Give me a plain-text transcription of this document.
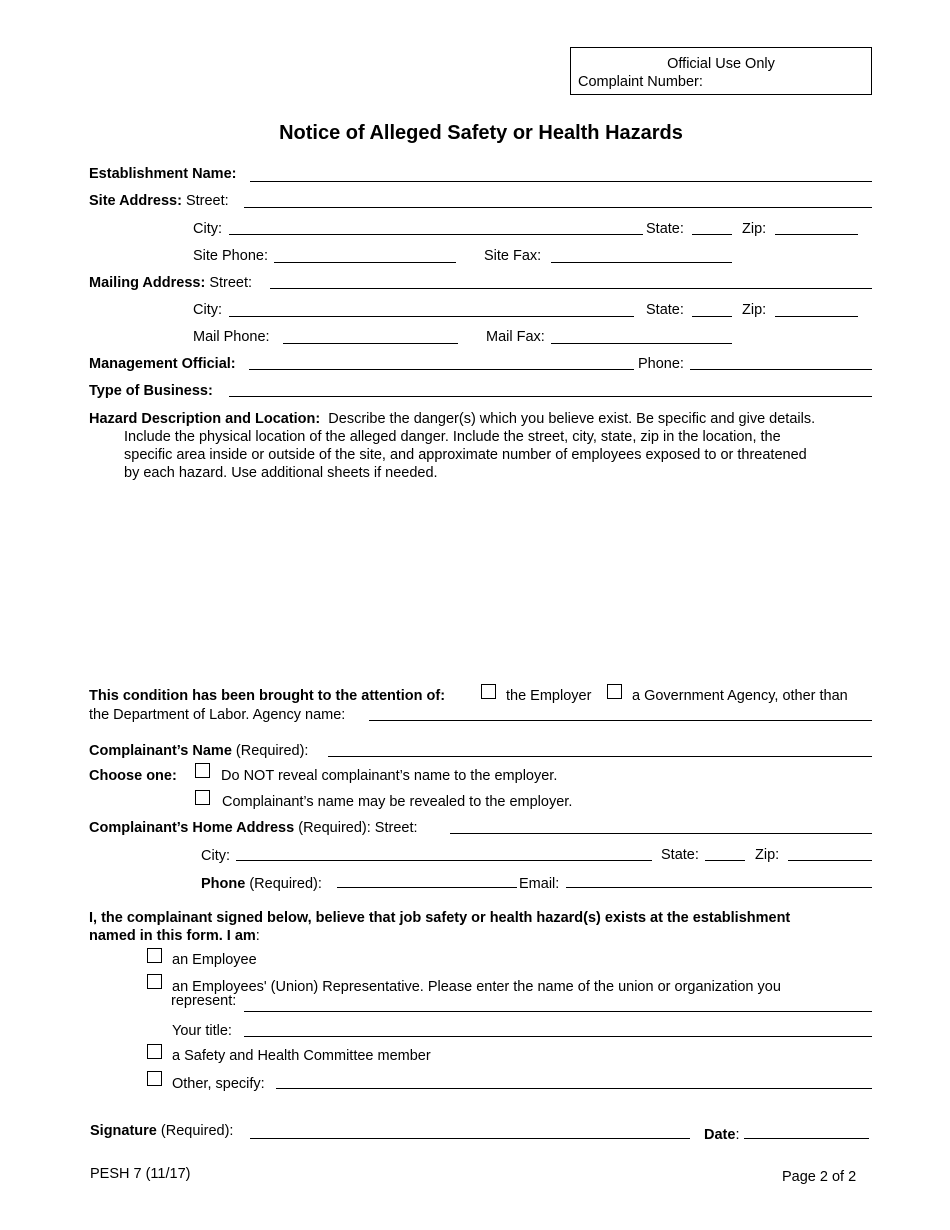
Official Use Only
Complaint Number:
Notice of Alleged Safety or Health Hazards
Establishment Name:
Site Address: Street:
City:	State:	Zip:
Site Phone:	Site Fax:
Mailing Address: Street:
City:	State:	Zip:
Mail Phone:	Mail Fax:
Management Official:	Phone:
Type of Business:
Hazard Description and Location: Describe the danger(s) which you believe exist. Be specific and give details.
Include the physical location of the alleged danger. Include the street, city, state, zip in the location, the
specific area inside or outside of the site, and approximate number of employees exposed to or threatened
by each hazard. Use additional sheets if needed.
This condition has been brought to the attention of:	the Employer	a Government Agency, other than
the Department of Labor. Agency name:
Complainant’s Name (Required):
Choose one:	Do NOT reveal complainant’s name to the employer.
Complainant’s name may be revealed to the employer.
Complainant’s Home Address (Required): Street:
City:	State:	Zip:
Phone (Required):	Email:
I, the complainant signed below, believe that job safety or health hazard(s) exists at the establishment
named in this form. I am:
an Employee
an Employees' (Union) Representative. Please enter the name of the union or organization you
represent:
Your title:
a Safety and Health Committee member
Other, specify:
Signature (Required):	Date:
PESH 7 (11/17)	Page 2 of 2
